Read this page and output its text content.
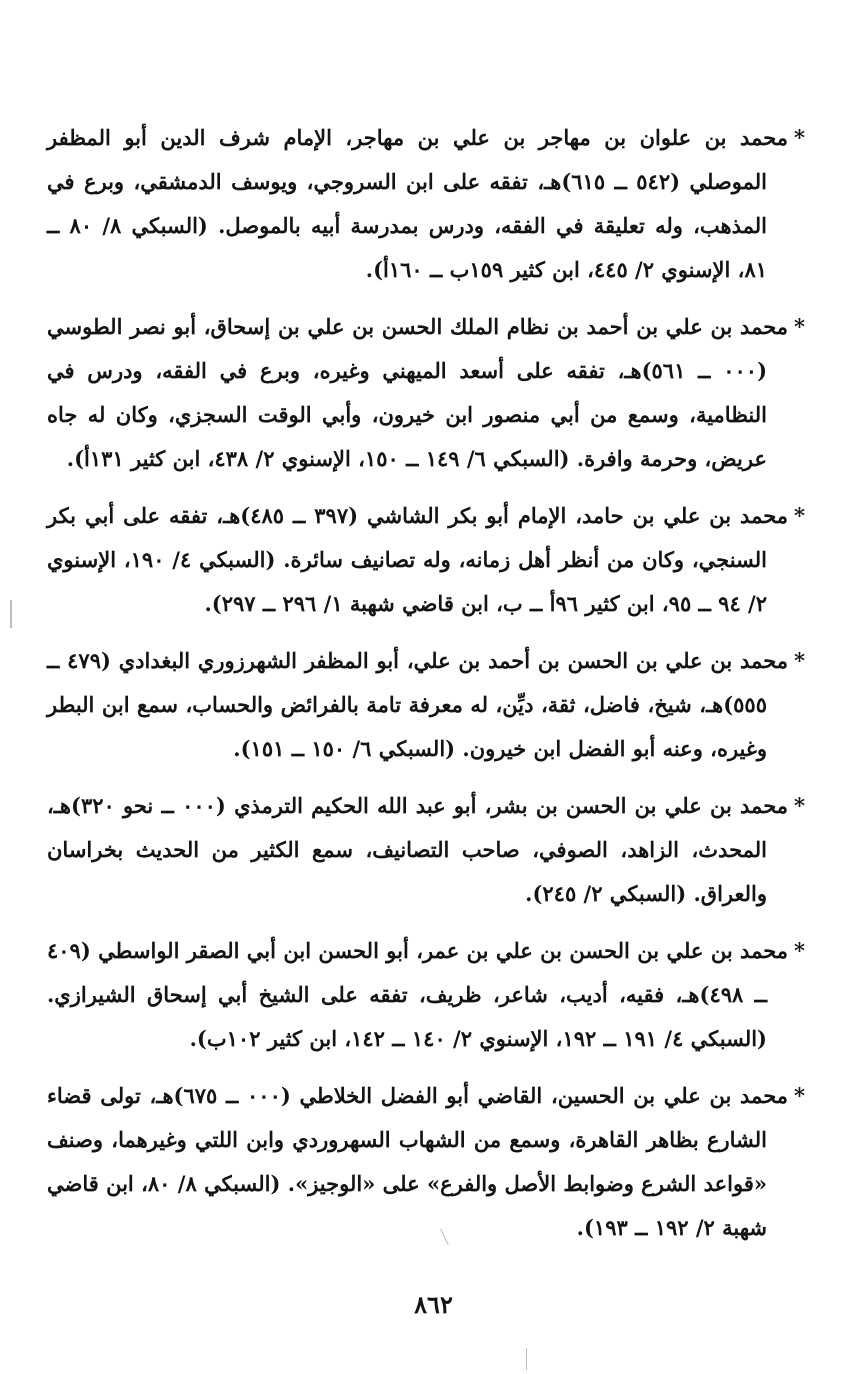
*محمد بن علوان بن مهاجر بن علي بن مهاجر، الإمام شرف الدين أبو المظفر الموصلي (٥٤٢ ــ ٦١٥)هـ، تفقه على ابن السروجي، ويوسف الدمشقي، وبرع في المذهب، وله تعليقة في الفقه، ودرس بمدرسة أبيه بالموصل. (السبكي ٨/ ٨٠ ــ ٨١، الإسنوي ٢/ ٤٤٥، ابن كثير ١٥٩ب ــ ١٦٠أ).

*محمد بن علي بن أحمد بن نظام الملك الحسن بن علي بن إسحاق، أبو نصر الطوسي (٠٠٠ ــ ٥٦١)هـ، تفقه على أسعد الميهني وغيره، وبرع في الفقه، ودرس في النظامية، وسمع من أبي منصور ابن خيرون، وأبي الوقت السجزي، وكان له جاه عريض، وحرمة وافرة. (السبكي ٦/ ١٤٩ ــ ١٥٠، الإسنوي ٢/ ٤٣٨، ابن كثير ١٣١أ).

*محمد بن علي بن حامد، الإمام أبو بكر الشاشي (٣٩٧ ــ ٤٨٥)هـ، تفقه على أبي بكر السنجي، وكان من أنظر أهل زمانه، وله تصانيف سائرة. (السبكي ٤/ ١٩٠، الإسنوي ٢/ ٩٤ ــ ٩٥، ابن كثير ٩٦أ ــ ب، ابن قاضي شهبة ١/ ٢٩٦ ــ ٢٩٧).

*محمد بن علي بن الحسن بن أحمد بن علي، أبو المظفر الشهرزوري البغدادي (٤٧٩ ــ ٥٥٥)هـ، شيخ، فاضل، ثقة، ديِّن، له معرفة تامة بالفرائض والحساب، سمع ابن البطر وغيره، وعنه أبو الفضل ابن خيرون. (السبكي ٦/ ١٥٠ ــ ١٥١).

*محمد بن علي بن الحسن بن بشر، أبو عبد الله الحكيم الترمذي (٠٠٠ ــ نحو ٣٢٠)هـ، المحدث، الزاهد، الصوفي، صاحب التصانيف، سمع الكثير من الحديث بخراسان والعراق. (السبكي ٢/ ٢٤٥).

*محمد بن علي بن الحسن بن علي بن عمر، أبو الحسن ابن أبي الصقر الواسطي (٤٠٩ ــ ٤٩٨)هـ، فقيه، أديب، شاعر، ظريف، تفقه على الشيخ أبي إسحاق الشيرازي. (السبكي ٤/ ١٩١ ــ ١٩٢، الإسنوي ٢/ ١٤٠ ــ ١٤٢، ابن كثير ١٠٢ب).

*محمد بن علي بن الحسين، القاضي أبو الفضل الخلاطي (٠٠٠ ــ ٦٧٥)هـ، تولى قضاء الشارع بظاهر القاهرة، وسمع من الشهاب السهروردي وابن اللتي وغيرهما، وصنف «قواعد الشرع وضوابط الأصل والفرع» على «الوجيز». (السبكي ٨/ ٨٠، ابن قاضي شهبة ٢/ ١٩٢ ــ ١٩٣).

٨٦٢
